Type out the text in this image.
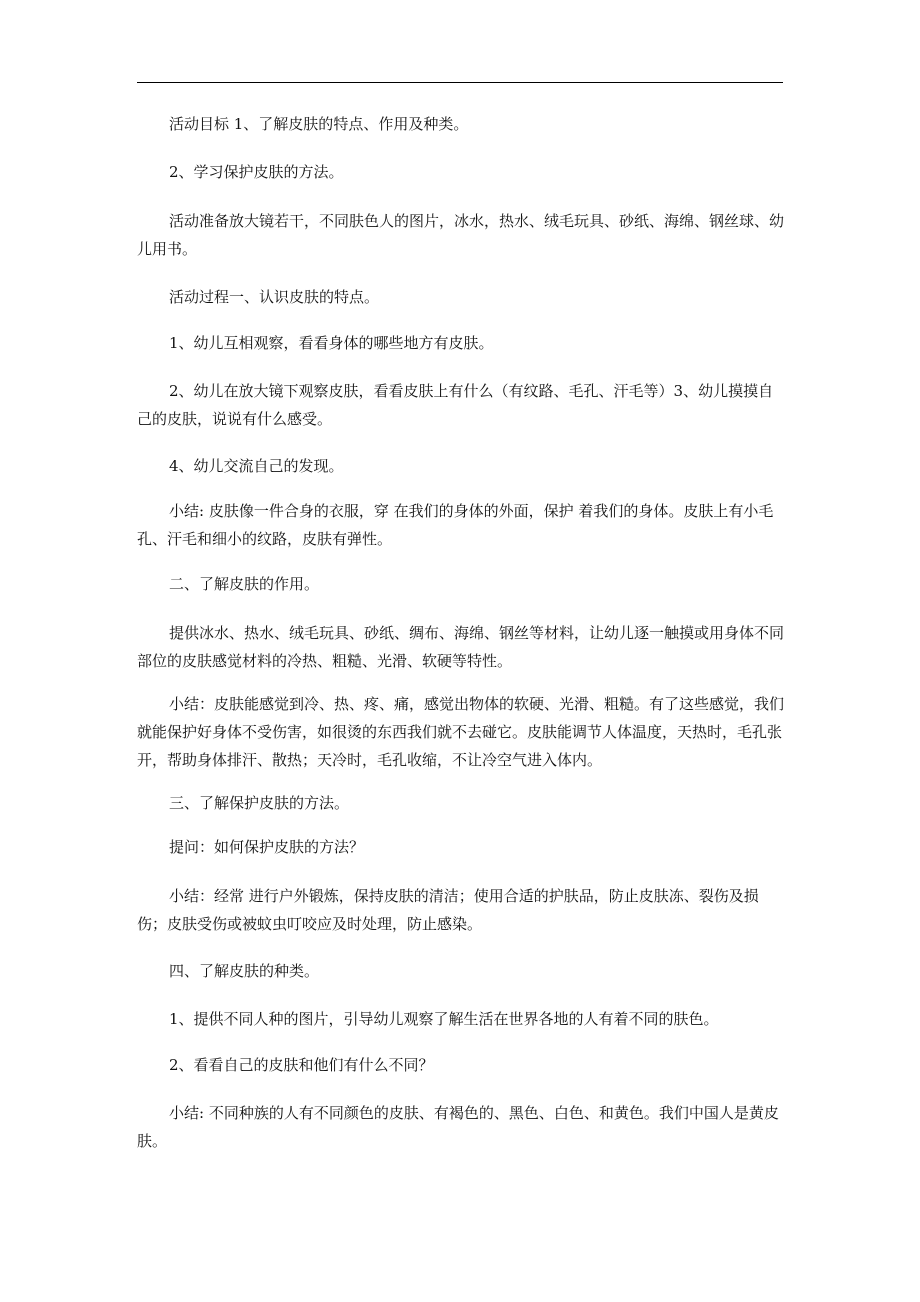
活动目标 1、了解皮肤的特点、作用及种类。

2、学习保护皮肤的方法。

活动准备放大镜若干，不同肤色人的图片，冰水，热水、绒毛玩具、砂纸、海绵、钢丝球、幼儿用书。

活动过程一、认识皮肤的特点。

1、幼儿互相观察，看看身体的哪些地方有皮肤。

2、幼儿在放大镜下观察皮肤，看看皮肤上有什么（有纹路、毛孔、汗毛等）3、幼儿摸摸自己的皮肤，说说有什么感受。

4、幼儿交流自己的发现。

小结: 皮肤像一件合身的衣服，穿 在我们的身体的外面，保护 着我们的身体。皮肤上有小毛孔、汗毛和细小的纹路，皮肤有弹性。

二、了解皮肤的作用。

提供冰水、热水、绒毛玩具、砂纸、绸布、海绵、钢丝等材料，让幼儿逐一触摸或用身体不同部位的皮肤感觉材料的冷热、粗糙、光滑、软硬等特性。

小结：皮肤能感觉到冷、热、疼、痛，感觉出物体的软硬、光滑、粗糙。有了这些感觉，我们就能保护好身体不受伤害，如很烫的东西我们就不去碰它。皮肤能调节人体温度，天热时，毛孔张开，帮助身体排汗、散热；天冷时，毛孔收缩，不让冷空气进入体内。

三、了解保护皮肤的方法。

提问：如何保护皮肤的方法？

小结：经常 进行户外锻炼，保持皮肤的清洁；使用合适的护肤品，防止皮肤冻、裂伤及损伤；皮肤受伤或被蚊虫叮咬应及时处理，防止感染。

四、了解皮肤的种类。

1、提供不同人种的图片，引导幼儿观察了解生活在世界各地的人有着不同的肤色。

2、看看自己的皮肤和他们有什么不同？

小结: 不同种族的人有不同颜色的皮肤、有褐色的、黑色、白色、和黄色。我们中国人是黄皮肤。
